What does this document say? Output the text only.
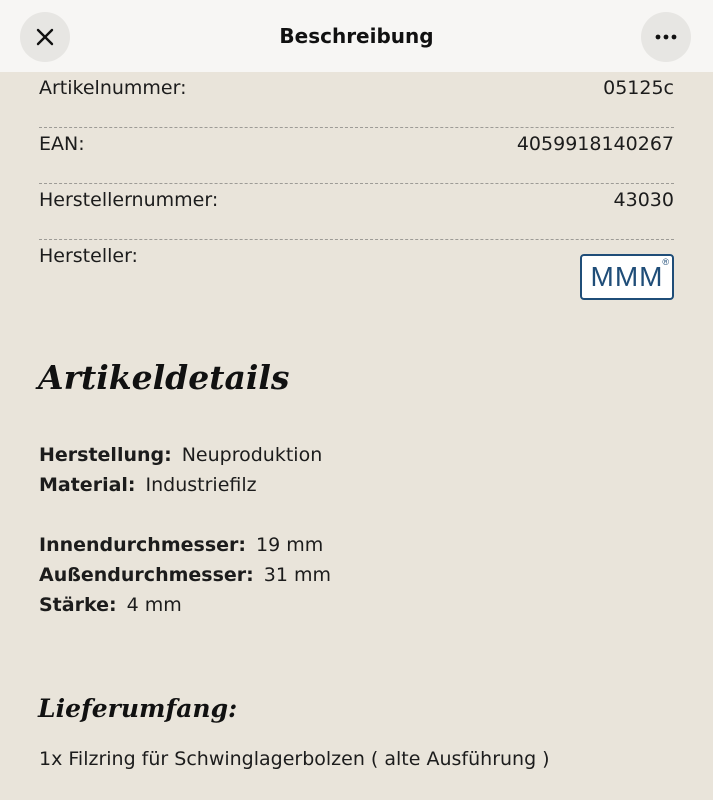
Beschreibung
Artikelnummer:	05125c
EAN:	4059918140267
Herstellernummer:	43030
Hersteller:
MMM
®
Artikeldetails
Herstellung: Neuproduktion
Material: Industriefilz
Innendurchmesser: 19 mm
Außendurchmesser: 31 mm
Stärke: 4 mm
Lieferumfang:
1x Filzring für Schwinglagerbolzen ( alte Ausführung )
